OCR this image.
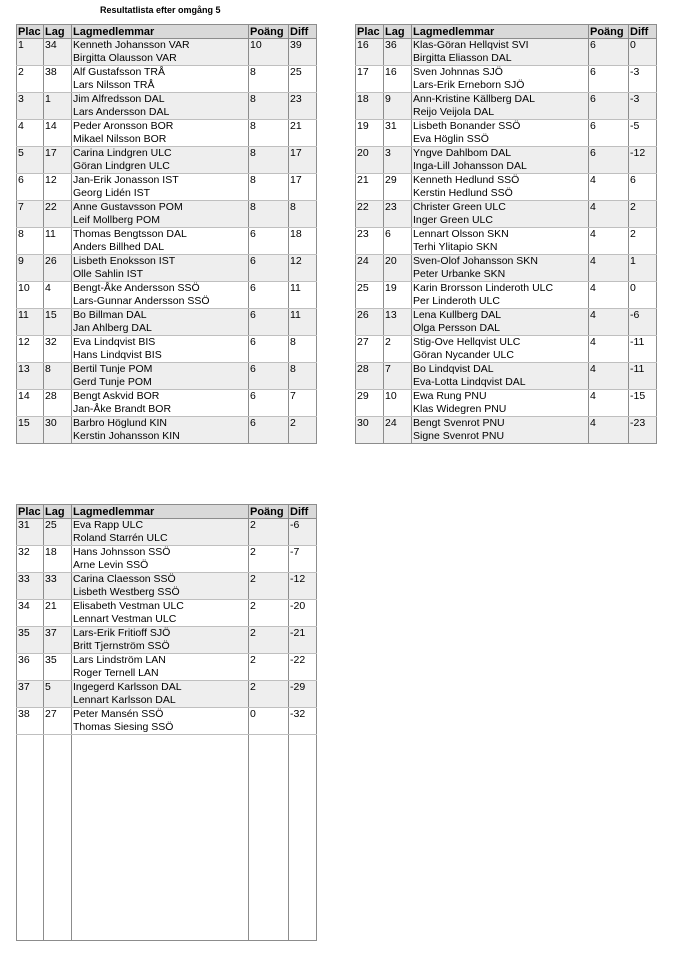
Resultatlista efter omgång 5
Plac	Lag	Lagmedlemmar	Poäng	Diff
1	34	Kenneth Johansson VAR
Birgitta Olausson VAR	10	39
2	38	Alf Gustafsson TRÅ
Lars Nilsson TRÅ	8	25
3	1	Jim Alfredsson DAL
Lars Andersson DAL	8	23
4	14	Peder Aronsson BOR
Mikael Nilsson BOR	8	21
5	17	Carina Lindgren ULC
Göran Lindgren ULC	8	17
6	12	Jan-Erik Jonasson IST
Georg Lidén IST	8	17
7	22	Anne Gustavsson POM
Leif Mollberg POM	8	8
8	11	Thomas Bengtsson DAL
Anders Billhed DAL	6	18
9	26	Lisbeth Enoksson IST
Olle Sahlin IST	6	12
10	4	Bengt-Åke Andersson SSÖ
Lars-Gunnar Andersson SSÖ	6	11
11	15	Bo Billman DAL
Jan Ahlberg DAL	6	11
12	32	Eva Lindqvist BIS
Hans Lindqvist BIS	6	8
13	8	Bertil Tunje POM
Gerd Tunje POM	6	8
14	28	Bengt Askvid BOR
Jan-Åke Brandt BOR	6	7
15	30	Barbro Höglund KIN
Kerstin Johansson KIN	6	2
Plac	Lag	Lagmedlemmar	Poäng	Diff
16	36	Klas-Göran Hellqvist SVI
Birgitta Eliasson DAL	6	0
17	16	Sven Johnnas SJÖ
Lars-Erik Erneborn SJÖ	6	-3
18	9	Ann-Kristine Källberg DAL
Reijo Veijola DAL	6	-3
19	31	Lisbeth Bonander SSÖ
Eva Höglin SSÖ	6	-5
20	3	Yngve Dahlbom DAL
Inga-Lill Johansson DAL	6	-12
21	29	Kenneth Hedlund SSÖ
Kerstin Hedlund SSÖ	4	6
22	23	Christer Green ULC
Inger Green ULC	4	2
23	6	Lennart Olsson SKN
Terhi Ylitapio SKN	4	2
24	20	Sven-Olof Johansson SKN
Peter Urbanke SKN	4	1
25	19	Karin Brorsson Linderoth ULC
Per Linderoth ULC	4	0
26	13	Lena Kullberg DAL
Olga Persson DAL	4	-6
27	2	Stig-Ove Hellqvist ULC
Göran Nycander ULC	4	-11
28	7	Bo Lindqvist DAL
Eva-Lotta Lindqvist DAL	4	-11
29	10	Ewa Rung PNU
Klas Widegren PNU	4	-15
30	24	Bengt Svenrot PNU
Signe Svenrot PNU	4	-23
Plac	Lag	Lagmedlemmar	Poäng	Diff
31	25	Eva Rapp ULC
Roland Starrén ULC	2	-6
32	18	Hans Johnsson SSÖ
Arne Levin SSÖ	2	-7
33	33	Carina Claesson SSÖ
Lisbeth Westberg SSÖ	2	-12
34	21	Elisabeth Vestman ULC
Lennart Vestman ULC	2	-20
35	37	Lars-Erik Fritioff SJÖ
Britt Tjernström SSÖ	2	-21
36	35	Lars Lindström LAN
Roger Ternell LAN	2	-22
37	5	Ingegerd Karlsson DAL
Lennart Karlsson DAL	2	-29
38	27	Peter Mansén SSÖ
Thomas Siesing SSÖ	0	-32
